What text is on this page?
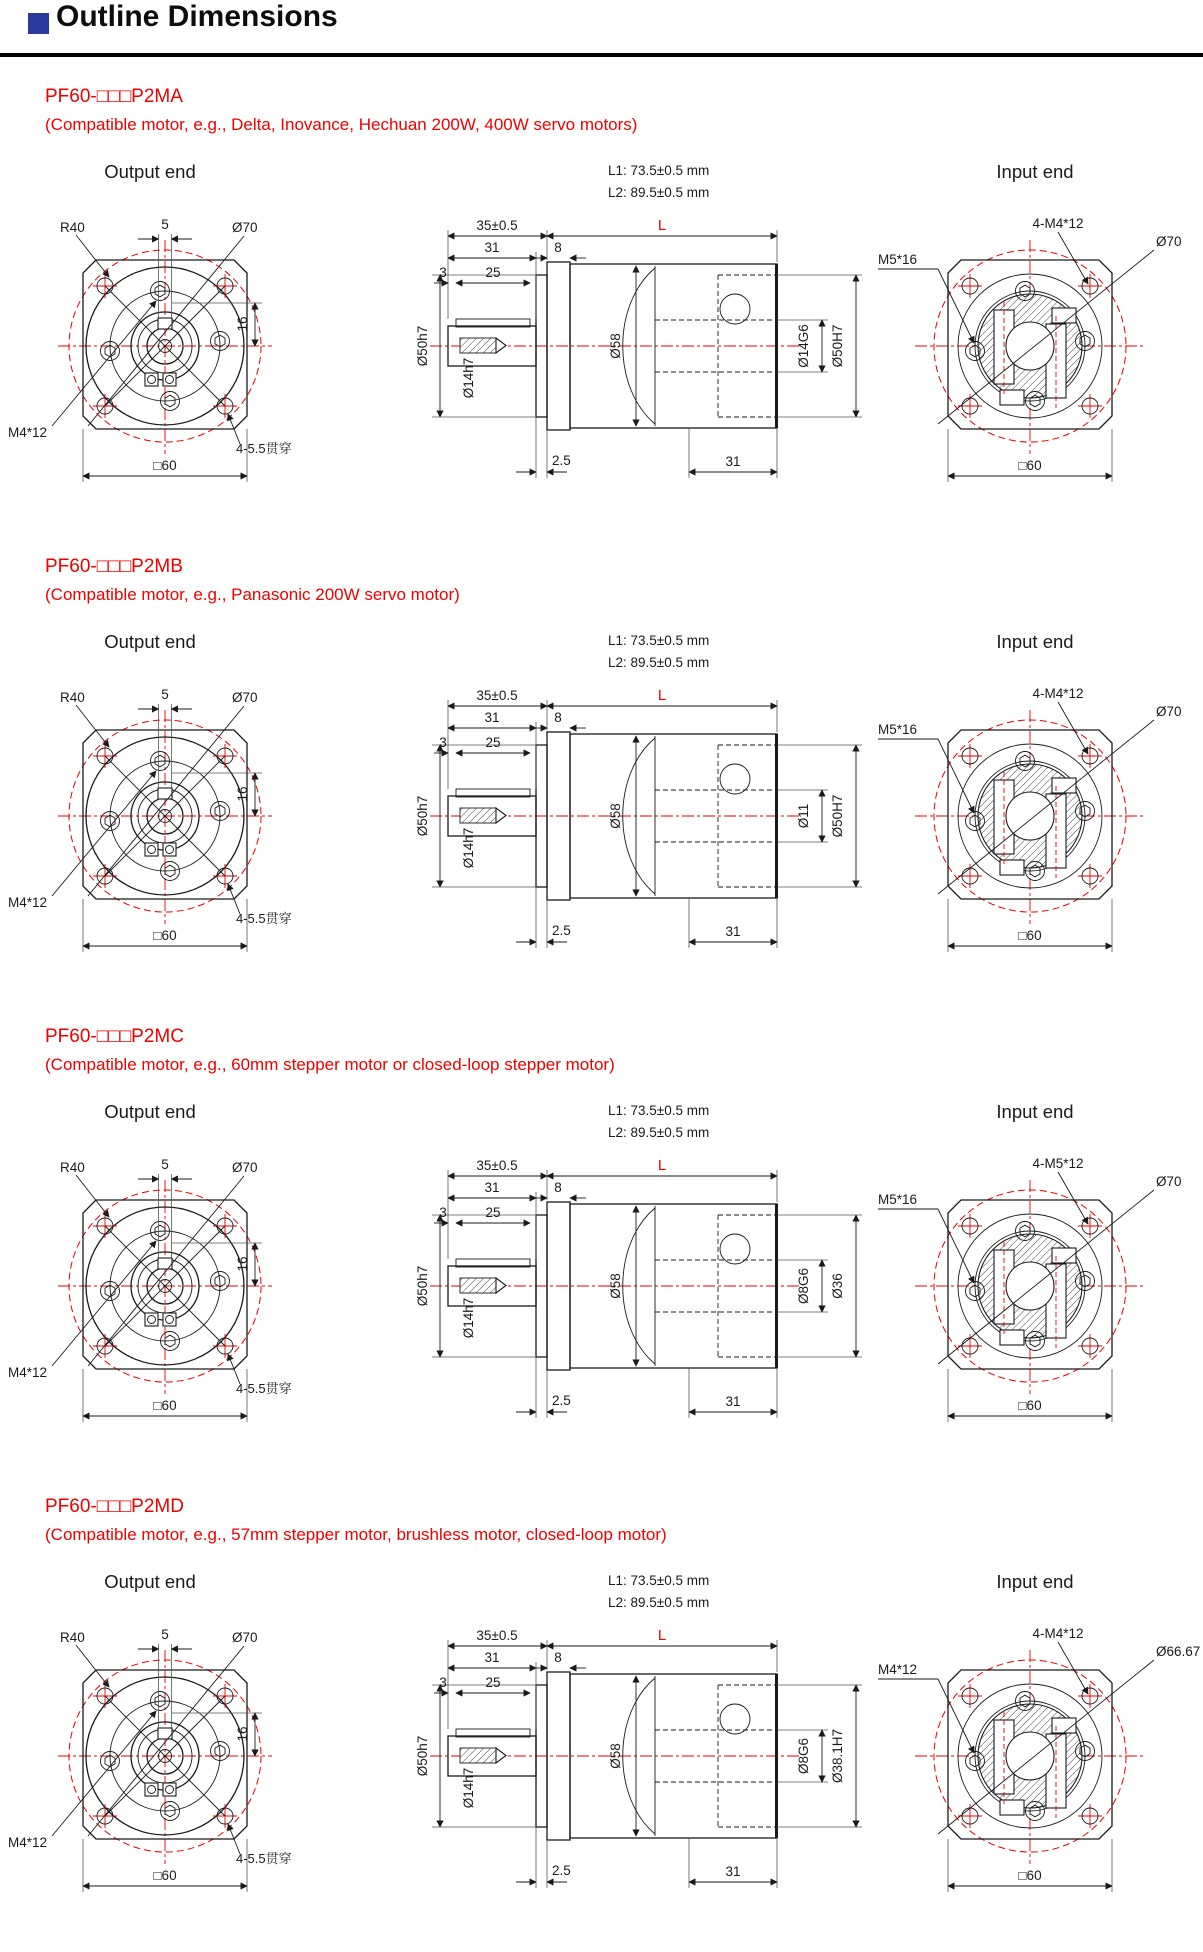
Outline Dimensions
PF60-□□□P2MA
(Compatible motor, e.g., Delta, Inovance, Hechuan 200W, 400W servo motors)
Output end	L1: 73.5±0.5 mm
L2: 89.5±0.5 mm
Input end
R40	5	Ø70
16
M4*12
4-5.5贯穿
□60
35±0.5	L
31	8
3	25
Ø50h7
Ø14h7
Ø58	Ø14G6 Ø50H7
2.5	31
4-M4*12
Ø70
M5*16
□60
PF60-□□□P2MB
(Compatible motor, e.g., Panasonic 200W servo motor)
Output end	L1: 73.5±0.5 mm
L2: 89.5±0.5 mm
Input end
R40	5	Ø70
16
M4*12
4-5.5贯穿
□60
35±0.5	L
31	8
3	25
Ø50h7
Ø14h7
Ø58	Ø11 Ø50H7
2.5	31
4-M4*12
Ø70
M5*16
□60
PF60-□□□P2MC
(Compatible motor, e.g., 60mm stepper motor or closed-loop stepper motor)
Output end	L1: 73.5±0.5 mm
L2: 89.5±0.5 mm
Input end
R40	5	Ø70
16
M4*12
4-5.5贯穿
□60
35±0.5	L
31	8
3	25
Ø50h7
Ø14h7
Ø58	Ø8G6 Ø36
2.5	31
4-M5*12
Ø70
M5*16
□60
PF60-□□□P2MD
(Compatible motor, e.g., 57mm stepper motor, brushless motor, closed-loop motor)
Output end	L1: 73.5±0.5 mm
L2: 89.5±0.5 mm
Input end
R40	5	Ø70
16
M4*12
4-5.5贯穿
□60
35±0.5	L
31	8
3	25
Ø50h7
Ø14h7
Ø58	Ø8G6 Ø38.1H7
2.5	31
4-M4*12
Ø66.67
M4*12
□60
